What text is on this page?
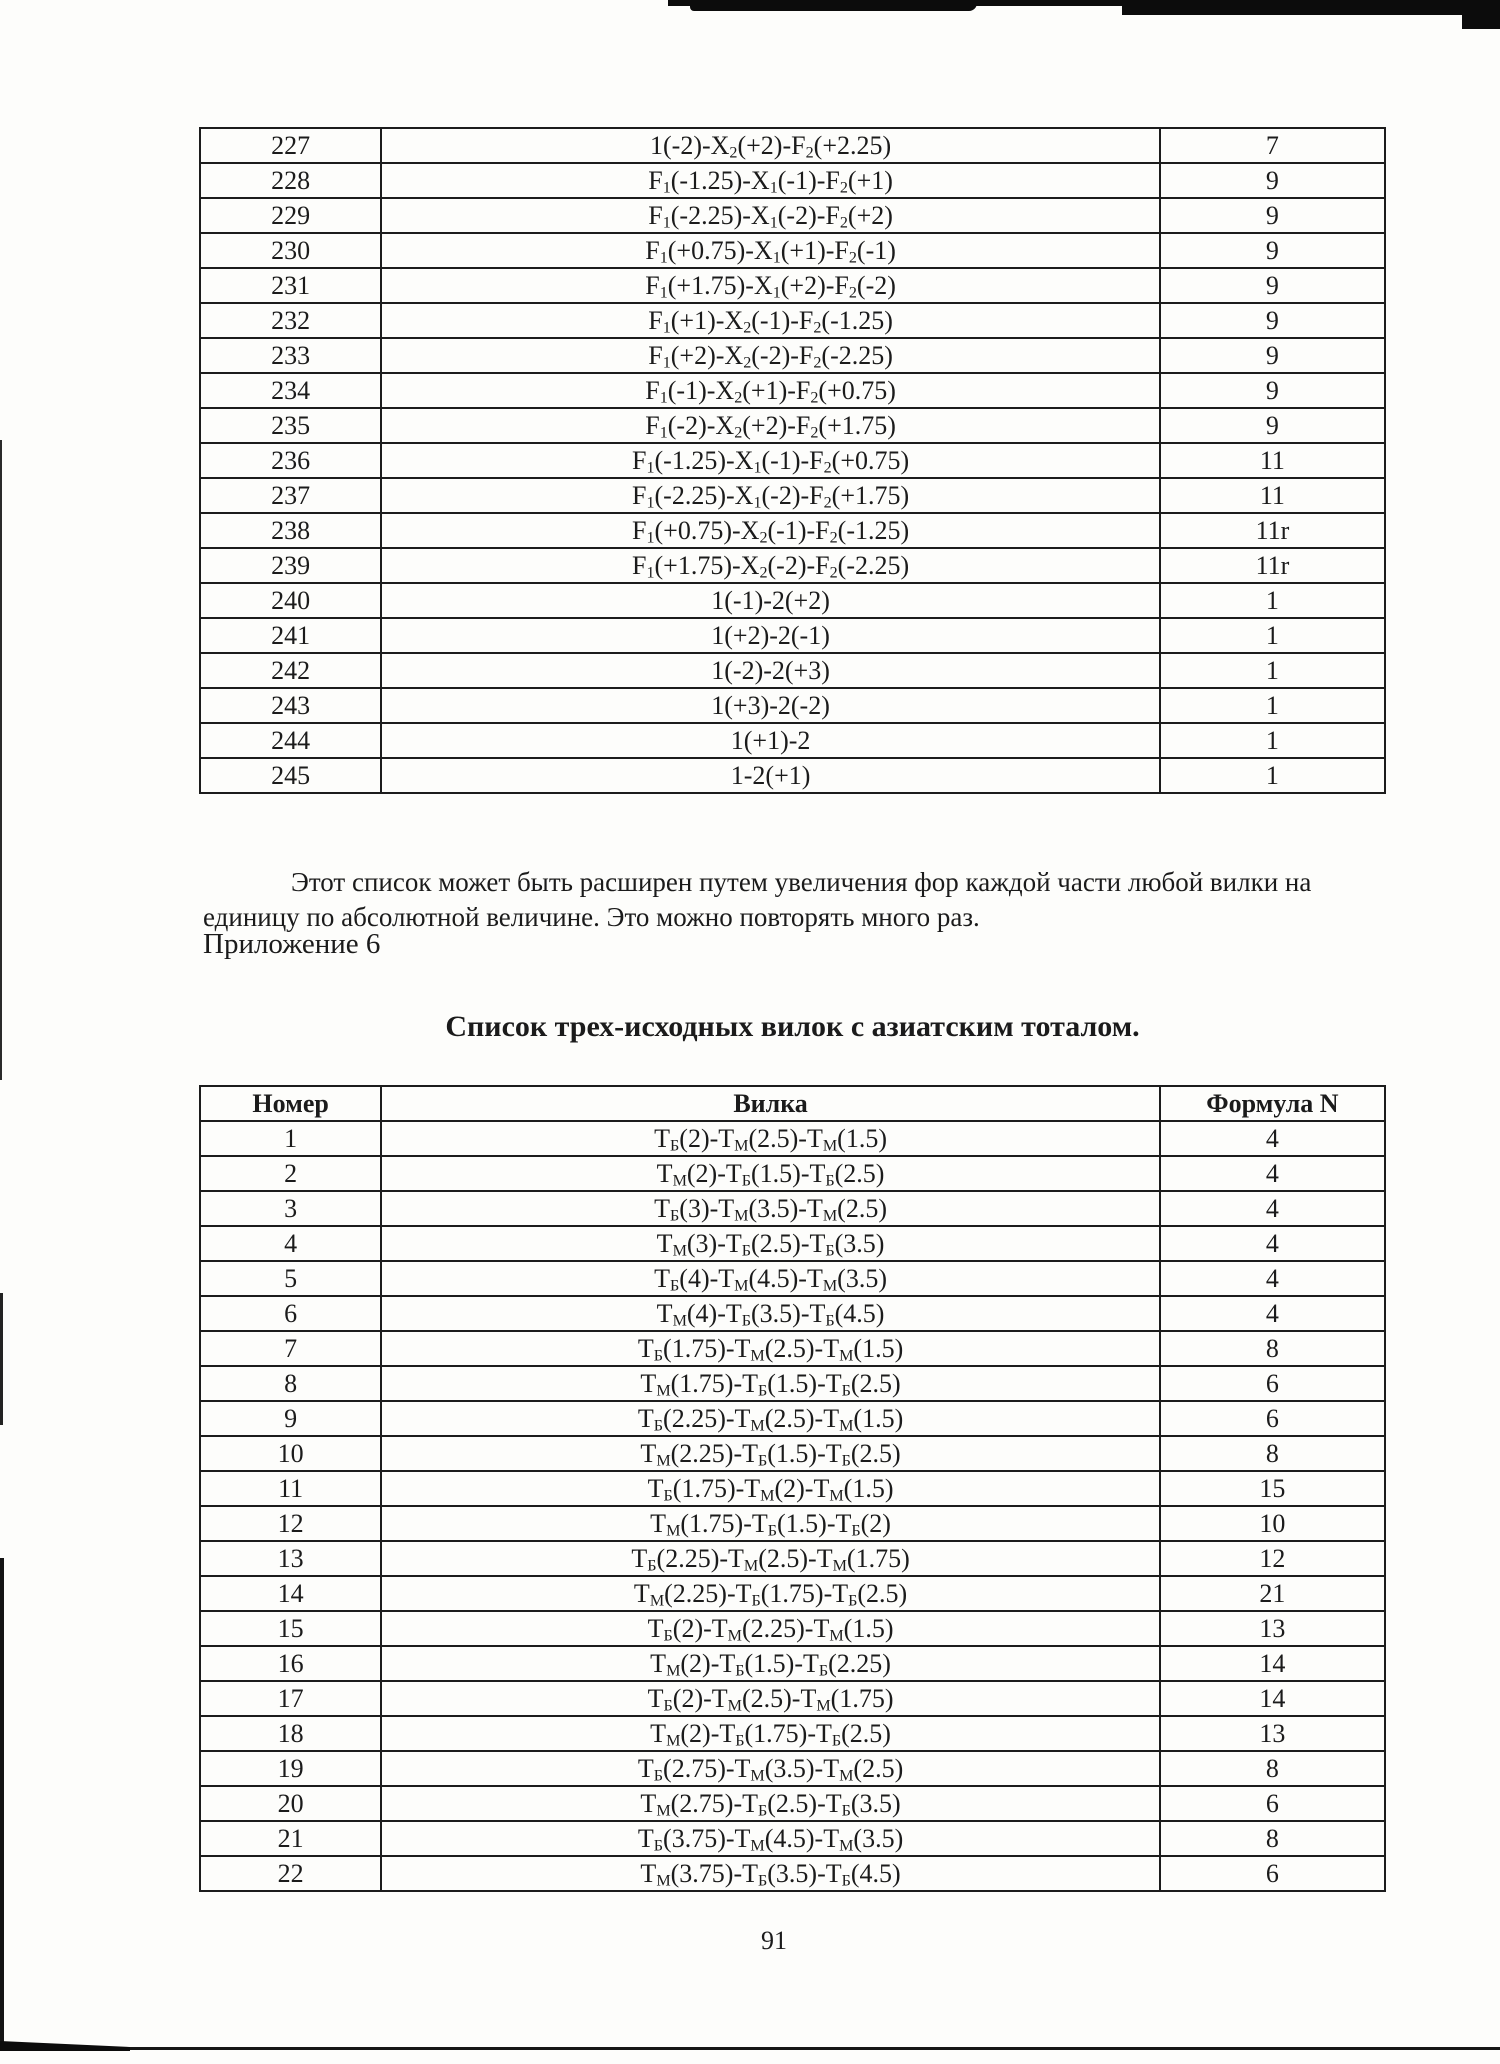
227	$1(-2)-X_2(+2)-F_2(+2.25)$	7
228	$F_1(-1.25)-X_1(-1)-F_2(+1)$	9
229	$F_1(-2.25)-X_1(-2)-F_2(+2)$	9
230	$F_1(+0.75)-X_1(+1)-F_2(-1)$	9
231	$F_1(+1.75)-X_1(+2)-F_2(-2)$	9
232	$F_1(+1)-X_2(-1)-F_2(-1.25)$	9
233	$F_1(+2)-X_2(-2)-F_2(-2.25)$	9
234	$F_1(-1)-X_2(+1)-F_2(+0.75)$	9
235	$F_1(-2)-X_2(+2)-F_2(+1.75)$	9
236	$F_1(-1.25)-X_1(-1)-F_2(+0.75)$	11
237	$F_1(-2.25)-X_1(-2)-F_2(+1.75)$	11
238	$F_1(+0.75)-X_2(-1)-F_2(-1.25)$	11r
239	$F_1(+1.75)-X_2(-2)-F_2(-2.25)$	11r
240	1(-1)-2(+2)	1
241	1(+2)-2(-1)	1
242	1(-2)-2(+3)	1
243	1(+3)-2(-2)	1
244	1(+1)-2	1
245	1-2(+1)	1

Этот список может быть расширен путем увеличения фор каждой части любой вилки на единицу по абсолютной величине. Это можно повторять много раз.

Приложение 6
Список трех-исходных вилок с азиатским тоталом.
Номер	Вилка	Формула N
1	$Т_Б(2)-Т_М(2.5)-Т_М(1.5)$	4
2	$Т_М(2)-Т_Б(1.5)-Т_Б(2.5)$	4
3	$Т_Б(3)-Т_М(3.5)-Т_М(2.5)$	4
4	$Т_М(3)-Т_Б(2.5)-Т_Б(3.5)$	4
5	$Т_Б(4)-Т_М(4.5)-Т_М(3.5)$	4
6	$Т_М(4)-Т_Б(3.5)-Т_Б(4.5)$	4
7	$Т_Б(1.75)-Т_М(2.5)-Т_М(1.5)$	8
8	$Т_М(1.75)-Т_Б(1.5)-Т_Б(2.5)$	6
9	$Т_Б(2.25)-Т_М(2.5)-Т_М(1.5)$	6
10	$Т_М(2.25)-Т_Б(1.5)-Т_Б(2.5)$	8
11	$Т_Б(1.75)-Т_М(2)-Т_М(1.5)$	15
12	$Т_М(1.75)-Т_Б(1.5)-Т_Б(2)$	10
13	$Т_Б(2.25)-Т_М(2.5)-Т_М(1.75)$	12
14	$Т_М(2.25)-Т_Б(1.75)-Т_Б(2.5)$	21
15	$Т_Б(2)-Т_М(2.25)-Т_М(1.5)$	13
16	$Т_М(2)-Т_Б(1.5)-Т_Б(2.25)$	14
17	$Т_Б(2)-Т_М(2.5)-Т_М(1.75)$	14
18	$Т_М(2)-Т_Б(1.75)-Т_Б(2.5)$	13
19	$Т_Б(2.75)-Т_М(3.5)-Т_М(2.5)$	8
20	$Т_М(2.75)-Т_Б(2.5)-Т_Б(3.5)$	6
21	$Т_Б(3.75)-Т_М(4.5)-Т_М(3.5)$	8
22	$Т_М(3.75)-Т_Б(3.5)-Т_Б(4.5)$	6
91
